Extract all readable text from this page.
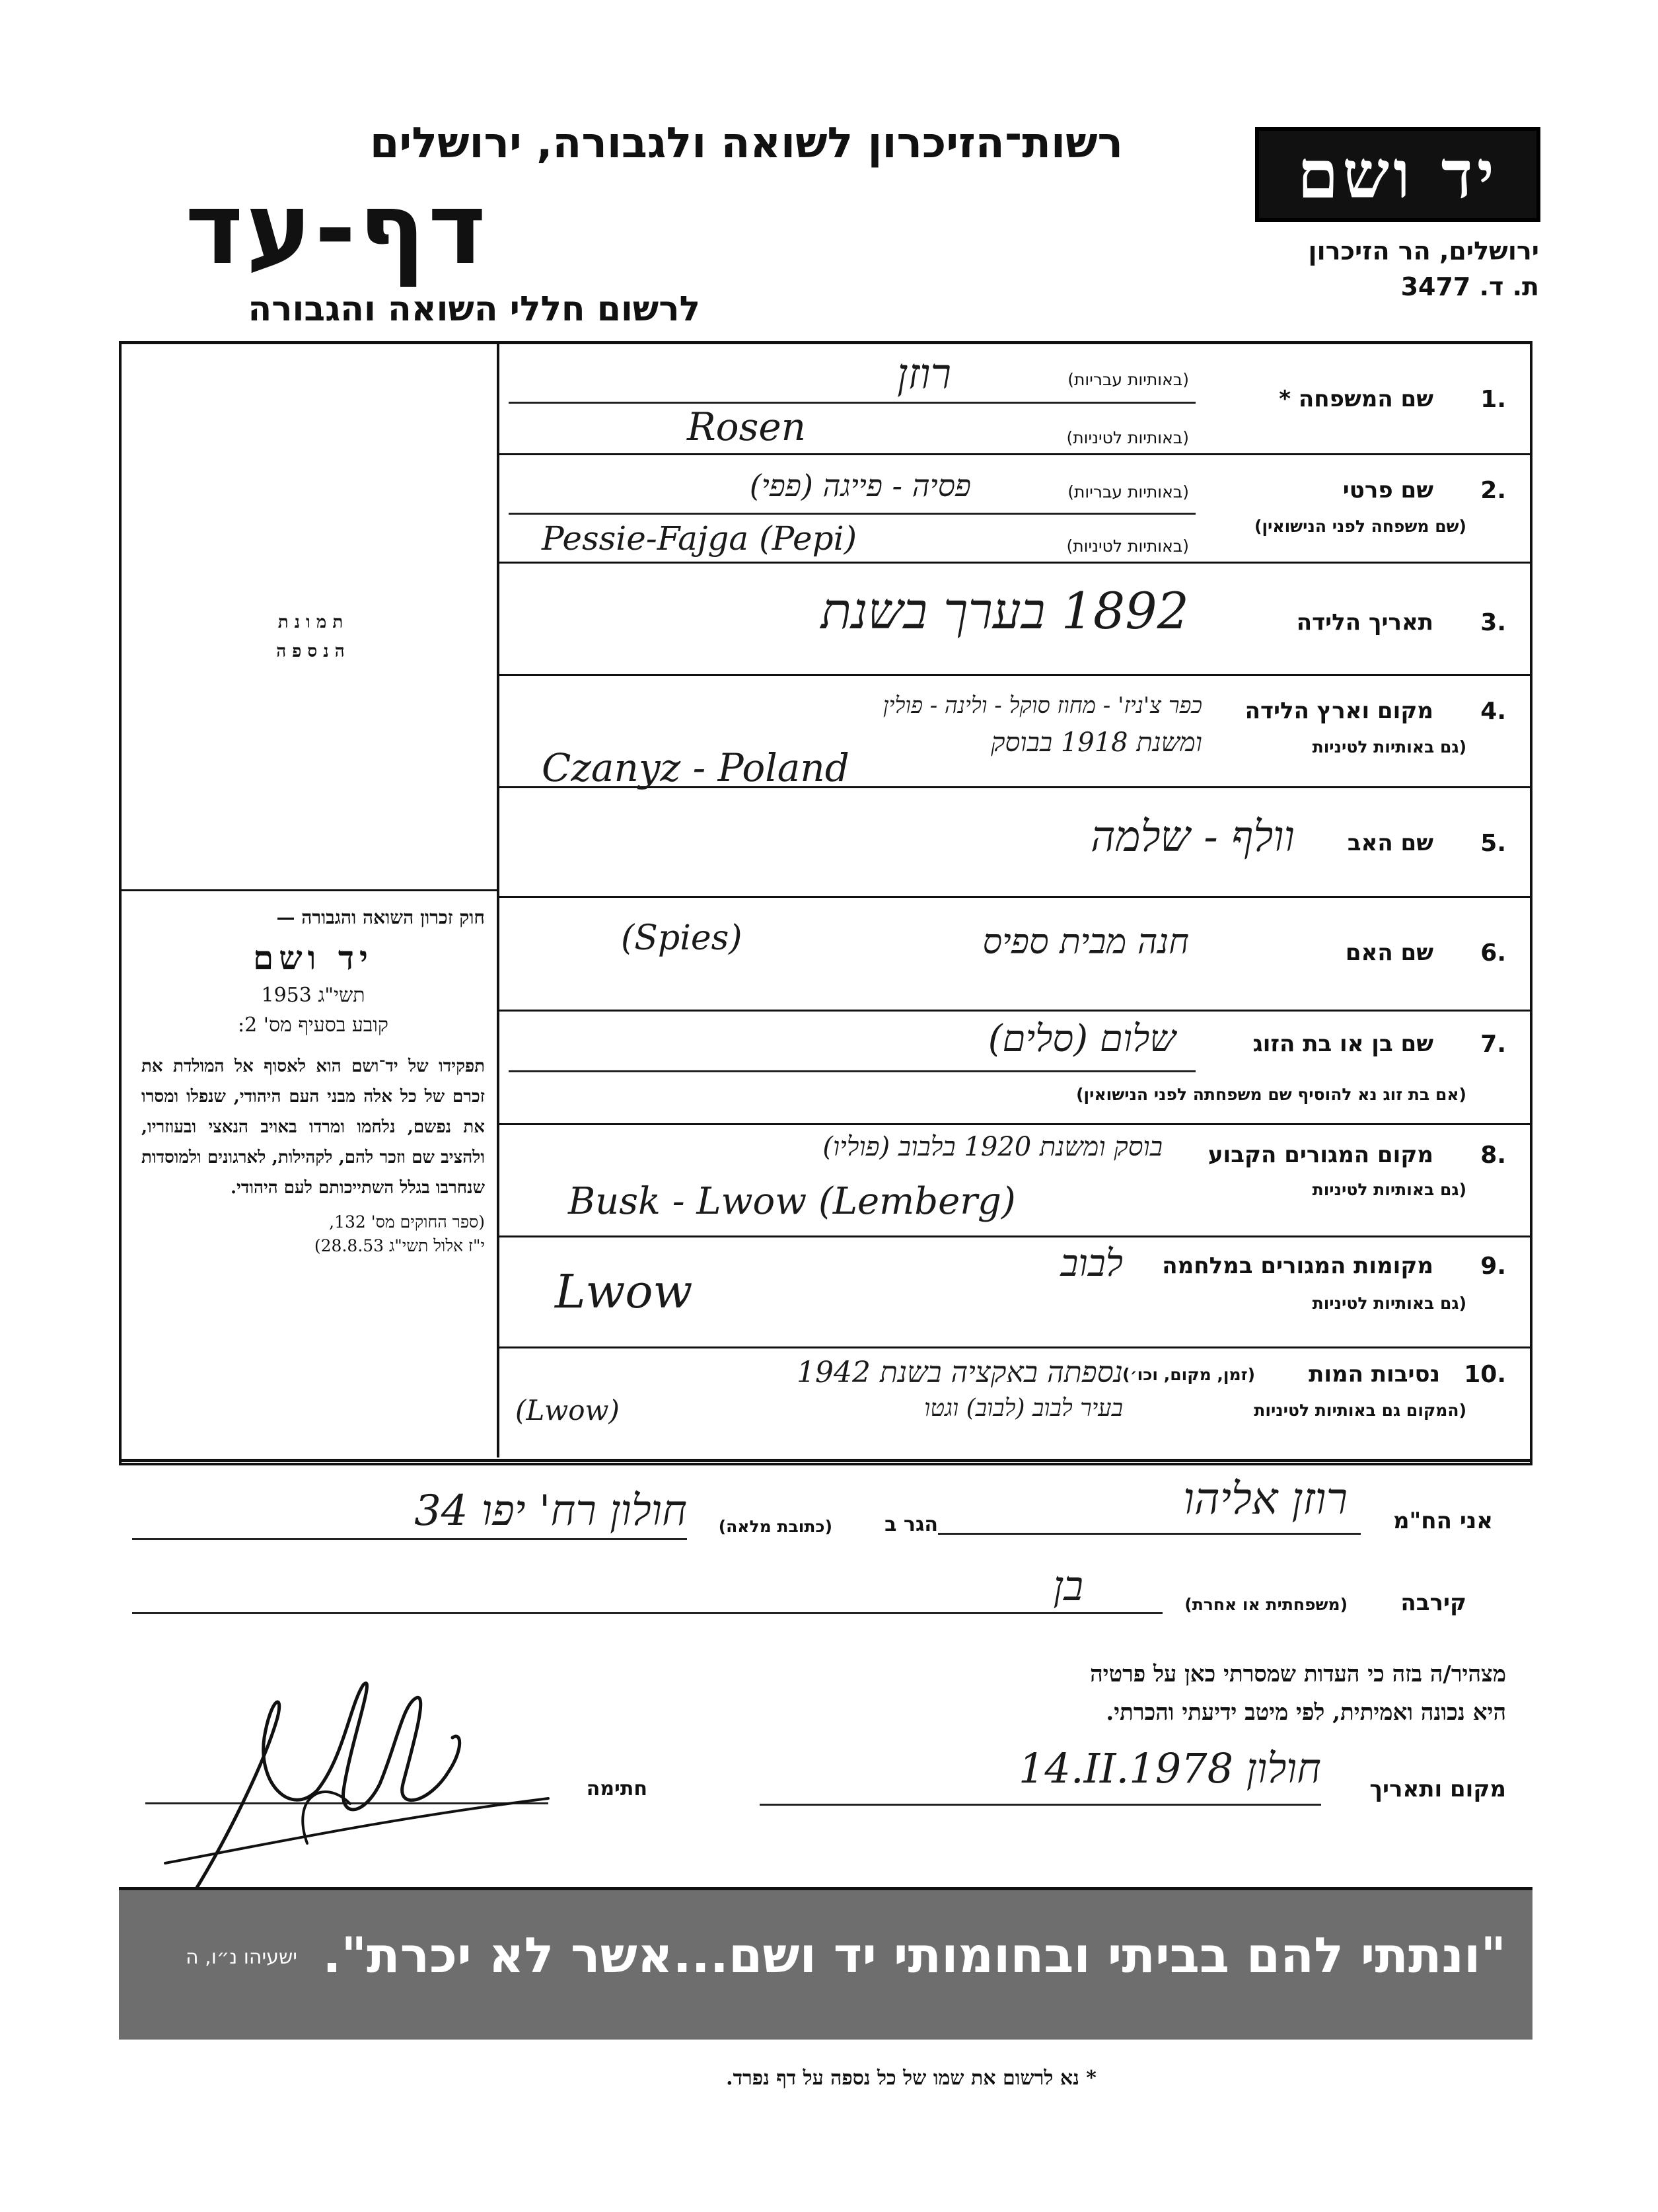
רשות־הזיכרון לשואה ולגבורה, ירושלים
דף-עד
לרשום חללי השואה והגבורה
יד ושם
ירושלים, הר הזיכרון
ת. ד. 3477
ת מ ו נ ת
ה נ ס פ ה
חוק זכרון השואה והגבורה —
יד ושם
תשי"ג 1953
קובע בסעיף מס' 2:
תפקידו של יד־ושם הוא לאסוף אל המולדת את זכרם של כל אלה מבני העם היהודי, שנפלו ומסרו את נפשם, נלחמו ומרדו באויב הנאצי ובעוזריו, ולהציב שם וזכר להם, לקהילות, לארגונים ולמוסדות שנחרבו בגלל השתייכותם לעם היהודי.
(ספר החוקים מס' 132,
י"ז אלול תשי"ג 28.8.53)
1.
שם המשפחה *
(באותיות עבריות)
(באותיות לטיניות)
רוזן
Rosen
2.
שם פרטי
(שם משפחה לפני הנישואין)
(באותיות עבריות)
(באותיות לטיניות)
פסיה - פייגה (פפי)
Pessie-Fajga (Pepi)
3.
תאריך הלידה
1892 בערך בשנת
4.
מקום וארץ הלידה
(גם באותיות לטיניות
כפר צ'ניז' - מחוז סוקל - ולינה - פולין
ומשנת 1918 בבוסק
Czanyz - Poland
5.
שם האב
וולף - שלמה
6.
שם האם
חנה מבית ספיס
(Spies)
7.
שם בן או בת הזוג
(אם בת זוג נא להוסיף שם משפחתה לפני הנישואין)
שלום (סלים)
8.
מקום המגורים הקבוע
(גם באותיות לטיניות
בוסק ומשנת 1920 בלבוב (פוליו)
Busk - Lwow (Lemberg)
9.
מקומות המגורים במלחמה
(גם באותיות לטיניות
לבוב
Lwow
10.
נסיבות המות
(זמן, מקום, וכו׳)
(המקום גם באותיות לטיניות
נספתה באקציה בשנת 1942
בעיר לבוב (לבוב) וגטו
(Lwow)
אני הח"מ
רוזן אליהו
הגר ב
(כתובת מלאה)
חולון רח' יפו 34
קירבה
(משפחתית או אחרת)
בן
מצהיר/ה בזה כי העדות שמסרתי כאן על פרטיה
היא נכונה ואמיתית, לפי מיטב ידיעתי והכרתי.
מקום ותאריך
14.II.1978 חולון
חתימה
"ונתתי להם בביתי ובחומותי יד ושם...אשר לא יכרת".
ישעיהו נ״ו, ה
* נא לרשום את שמו של כל נספה על דף נפרד.
